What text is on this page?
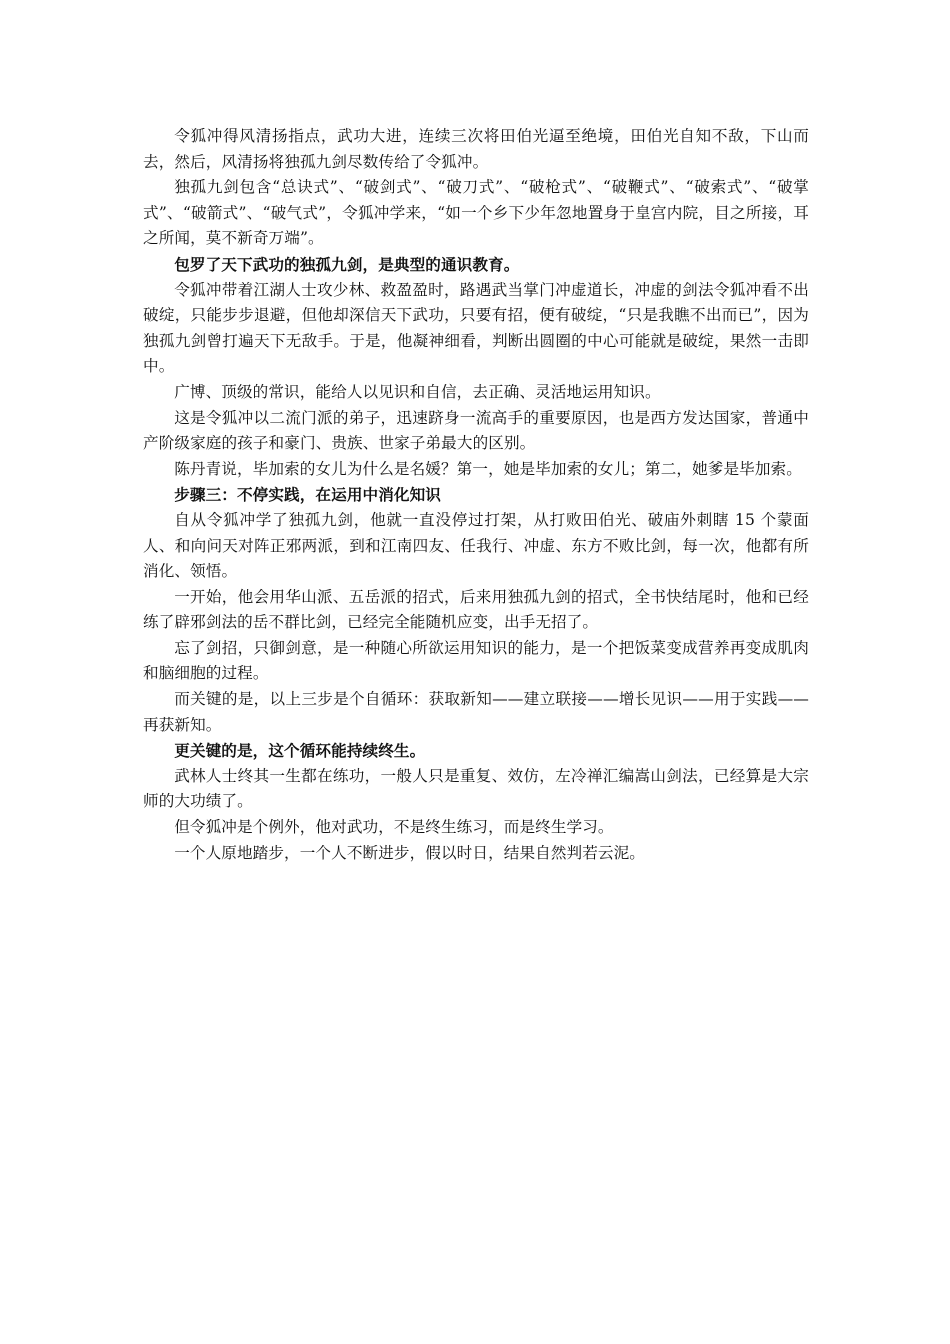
令狐冲得风清扬指点，武功大进，连续三次将田伯光逼至绝境，田伯光自知不敌，下山而去，然后，风清扬将独孤九剑尽数传给了令狐冲。

独孤九剑包含“总诀式”、“破剑式”、“破刀式”、“破枪式”、“破鞭式”、“破索式”、“破掌式”、“破箭式”、“破气式”，令狐冲学来，“如一个乡下少年忽地置身于皇宫内院，目之所接，耳之所闻，莫不新奇万端”。

包罗了天下武功的独孤九剑，是典型的通识教育。

令狐冲带着江湖人士攻少林、救盈盈时，路遇武当掌门冲虚道长，冲虚的剑法令狐冲看不出破绽，只能步步退避，但他却深信天下武功，只要有招，便有破绽，“只是我瞧不出而已”，因为独孤九剑曾打遍天下无敌手。于是，他凝神细看，判断出圆圈的中心可能就是破绽，果然一击即中。

广博、顶级的常识，能给人以见识和自信，去正确、灵活地运用知识。

这是令狐冲以二流门派的弟子，迅速跻身一流高手的重要原因，也是西方发达国家，普通中产阶级家庭的孩子和豪门、贵族、世家子弟最大的区别。

陈丹青说，毕加索的女儿为什么是名媛？第一，她是毕加索的女儿；第二，她爹是毕加索。

步骤三：不停实践，在运用中消化知识

自从令狐冲学了独孤九剑，他就一直没停过打架，从打败田伯光、破庙外刺瞎 15 个蒙面人、和向问天对阵正邪两派，到和江南四友、任我行、冲虚、东方不败比剑，每一次，他都有所消化、领悟。

一开始，他会用华山派、五岳派的招式，后来用独孤九剑的招式，全书快结尾时，他和已经练了辟邪剑法的岳不群比剑，已经完全能随机应变，出手无招了。

忘了剑招，只御剑意，是一种随心所欲运用知识的能力，是一个把饭菜变成营养再变成肌肉和脑细胞的过程。

而关键的是，以上三步是个自循环：获取新知——建立联接——增长见识——用于实践——再获新知。

更关键的是，这个循环能持续终生。

武林人士终其一生都在练功，一般人只是重复、效仿，左冷禅汇编嵩山剑法，已经算是大宗师的大功绩了。

但令狐冲是个例外，他对武功，不是终生练习，而是终生学习。

一个人原地踏步，一个人不断进步，假以时日，结果自然判若云泥。
